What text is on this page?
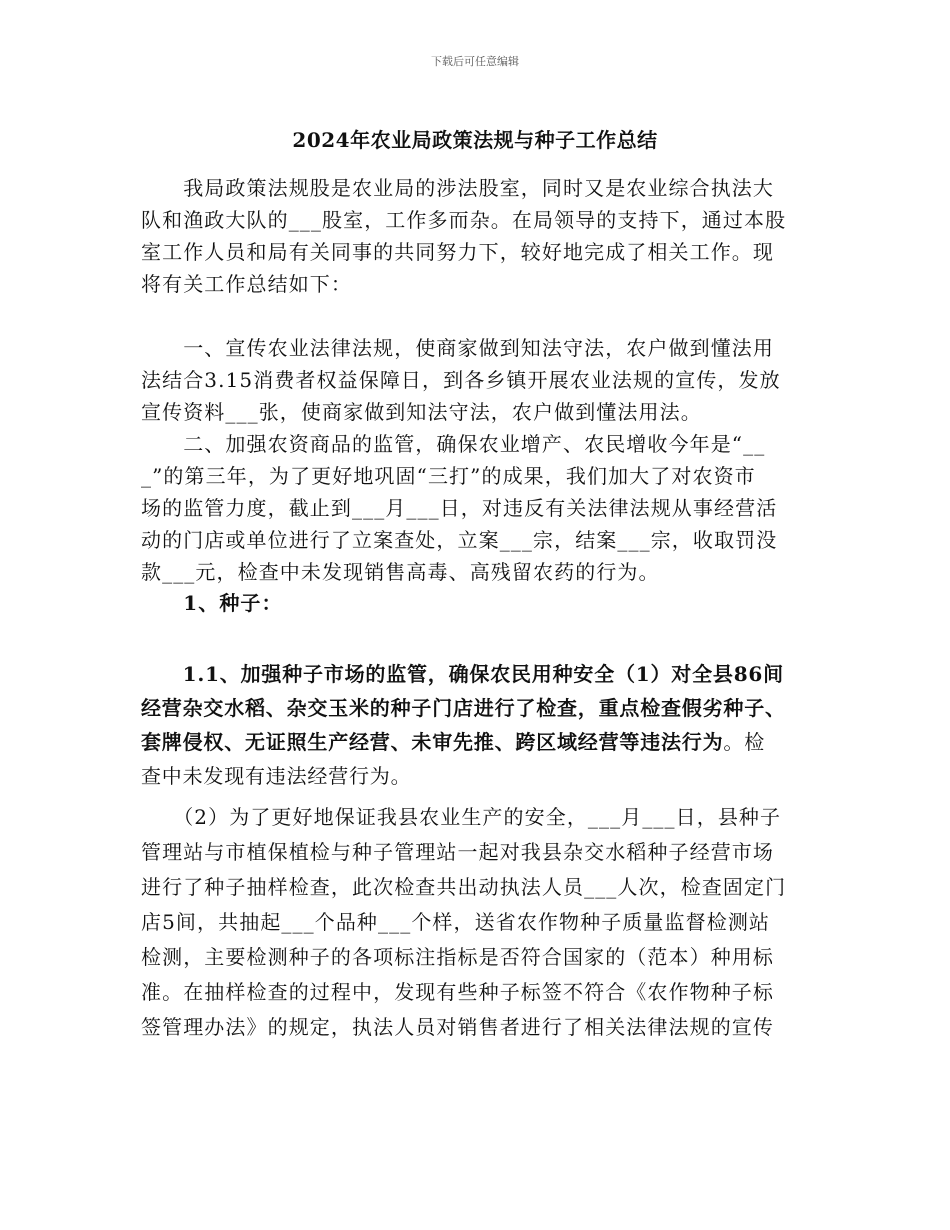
下载后可任意编辑
2024年农业局政策法规与种子工作总结

　　我局政策法规股是农业局的涉法股室，同时又是农业综合执法大
队和渔政大队的___股室，工作多而杂。在局领导的支持下，通过本股
室工作人员和局有关同事的共同努力下，较好地完成了相关工作。现
将有关工作总结如下：

　　一、宣传农业法律法规，使商家做到知法守法，农户做到懂法用
法结合3.15消费者权益保障日，到各乡镇开展农业法规的宣传，发放
宣传资料___张，使商家做到知法守法，农户做到懂法用法。

　　二、加强农资商品的监管，确保农业增产、农民增收今年是“__
_”的第三年，为了更好地巩固“三打”的成果，我们加大了对农资市
场的监管力度，截止到___月___日，对违反有关法律法规从事经营活
动的门店或单位进行了立案查处，立案___宗，结案___宗，收取罚没
款___元，检查中未发现销售高毒、高残留农药的行为。

　　1、种子：

　　1.1、加强种子市场的监管，确保农民用种安全（1）对全县86间
经营杂交水稻、杂交玉米的种子门店进行了检查，重点检查假劣种子、
套牌侵权、无证照生产经营、未审先推、跨区域经营等违法行为。检
查中未发现有违法经营行为。

　　（2）为了更好地保证我县农业生产的安全，___月___日，县种子
管理站与市植保植检与种子管理站一起对我县杂交水稻种子经营市场
进行了种子抽样检查，此次检查共出动执法人员___人次，检查固定门
店5间，共抽起___个品种___个样，送省农作物种子质量监督检测站
检测，主要检测种子的各项标注指标是否符合国家的（范本）种用标
准。在抽样检查的过程中，发现有些种子标签不符合《农作物种子标
签管理办法》的规定，执法人员对销售者进行了相关法律法规的宣传
